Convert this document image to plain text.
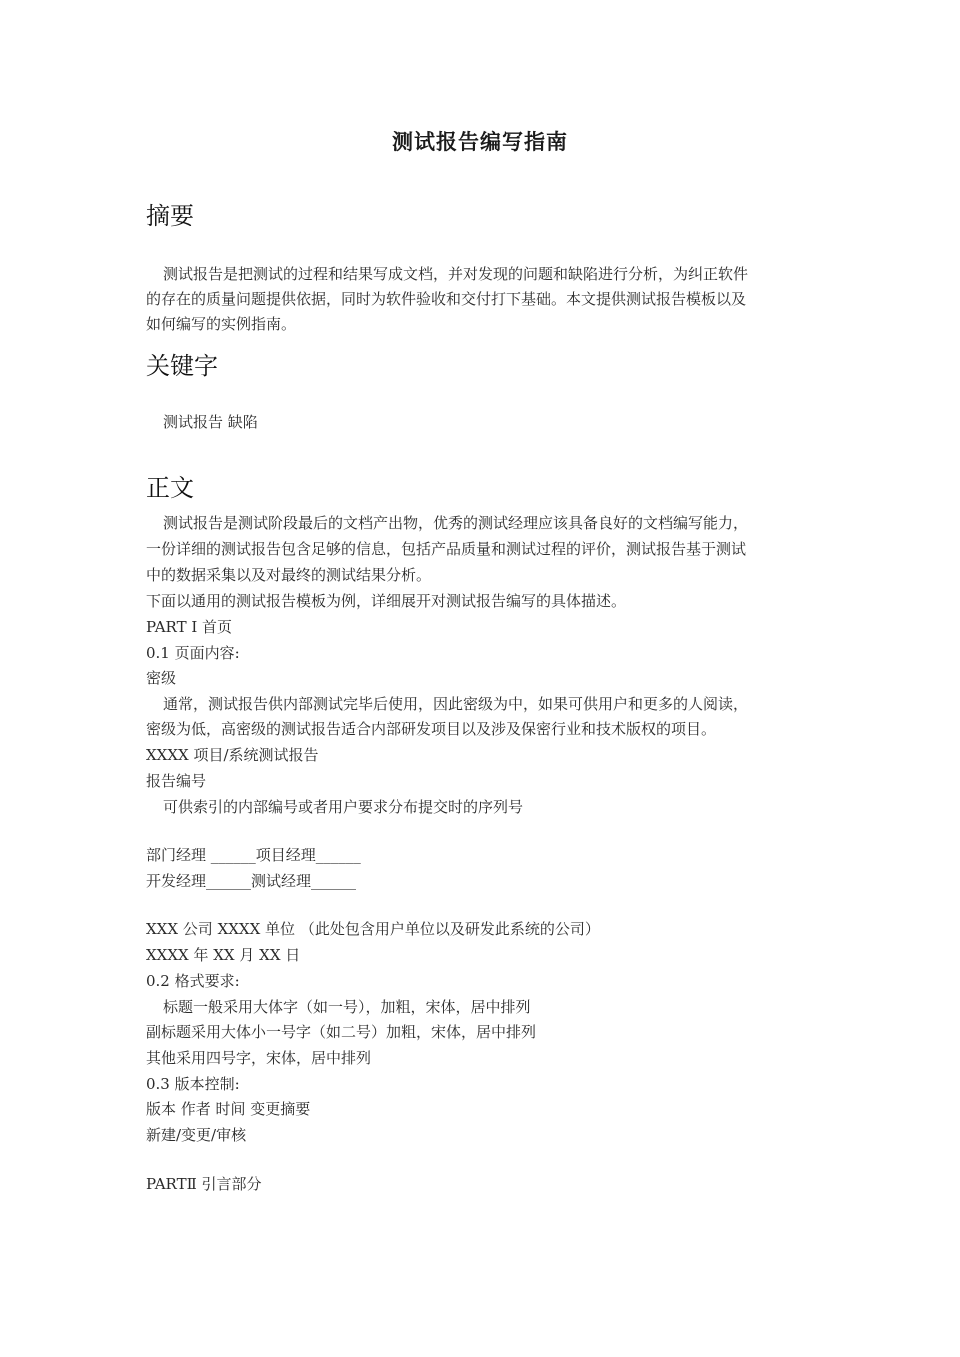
测试报告编写指南
摘要
测试报告是把测试的过程和结果写成文档，并对发现的问题和缺陷进行分析，为纠正软件
的存在的质量问题提供依据，同时为软件验收和交付打下基础。本文提供测试报告模板以及
如何编写的实例指南。
关键字
测试报告 缺陷
正文
测试报告是测试阶段最后的文档产出物，优秀的测试经理应该具备良好的文档编写能力，
一份详细的测试报告包含足够的信息，包括产品质量和测试过程的评价，测试报告基于测试
中的数据采集以及对最终的测试结果分析。
下面以通用的测试报告模板为例，详细展开对测试报告编写的具体描述。
PART Ⅰ 首页
0.1 页面内容:
密级
通常，测试报告供内部测试完毕后使用，因此密级为中，如果可供用户和更多的人阅读，
密级为低，高密级的测试报告适合内部研发项目以及涉及保密行业和技术版权的项目。
XXXX 项目/系统测试报告
报告编号
可供索引的内部编号或者用户要求分布提交时的序列号
部门经理 ______项目经理______
开发经理______测试经理______
XXX 公司 XXXX 单位 （此处包含用户单位以及研发此系统的公司）
XXXX 年 XX 月 XX 日
0.2 格式要求:
标题一般采用大体字（如一号），加粗，宋体，居中排列
副标题采用大体小一号字（如二号）加粗，宋体，居中排列
其他采用四号字，宋体，居中排列
0.3 版本控制:
版本 作者 时间 变更摘要
新建/变更/审核
PARTⅡ 引言部分
